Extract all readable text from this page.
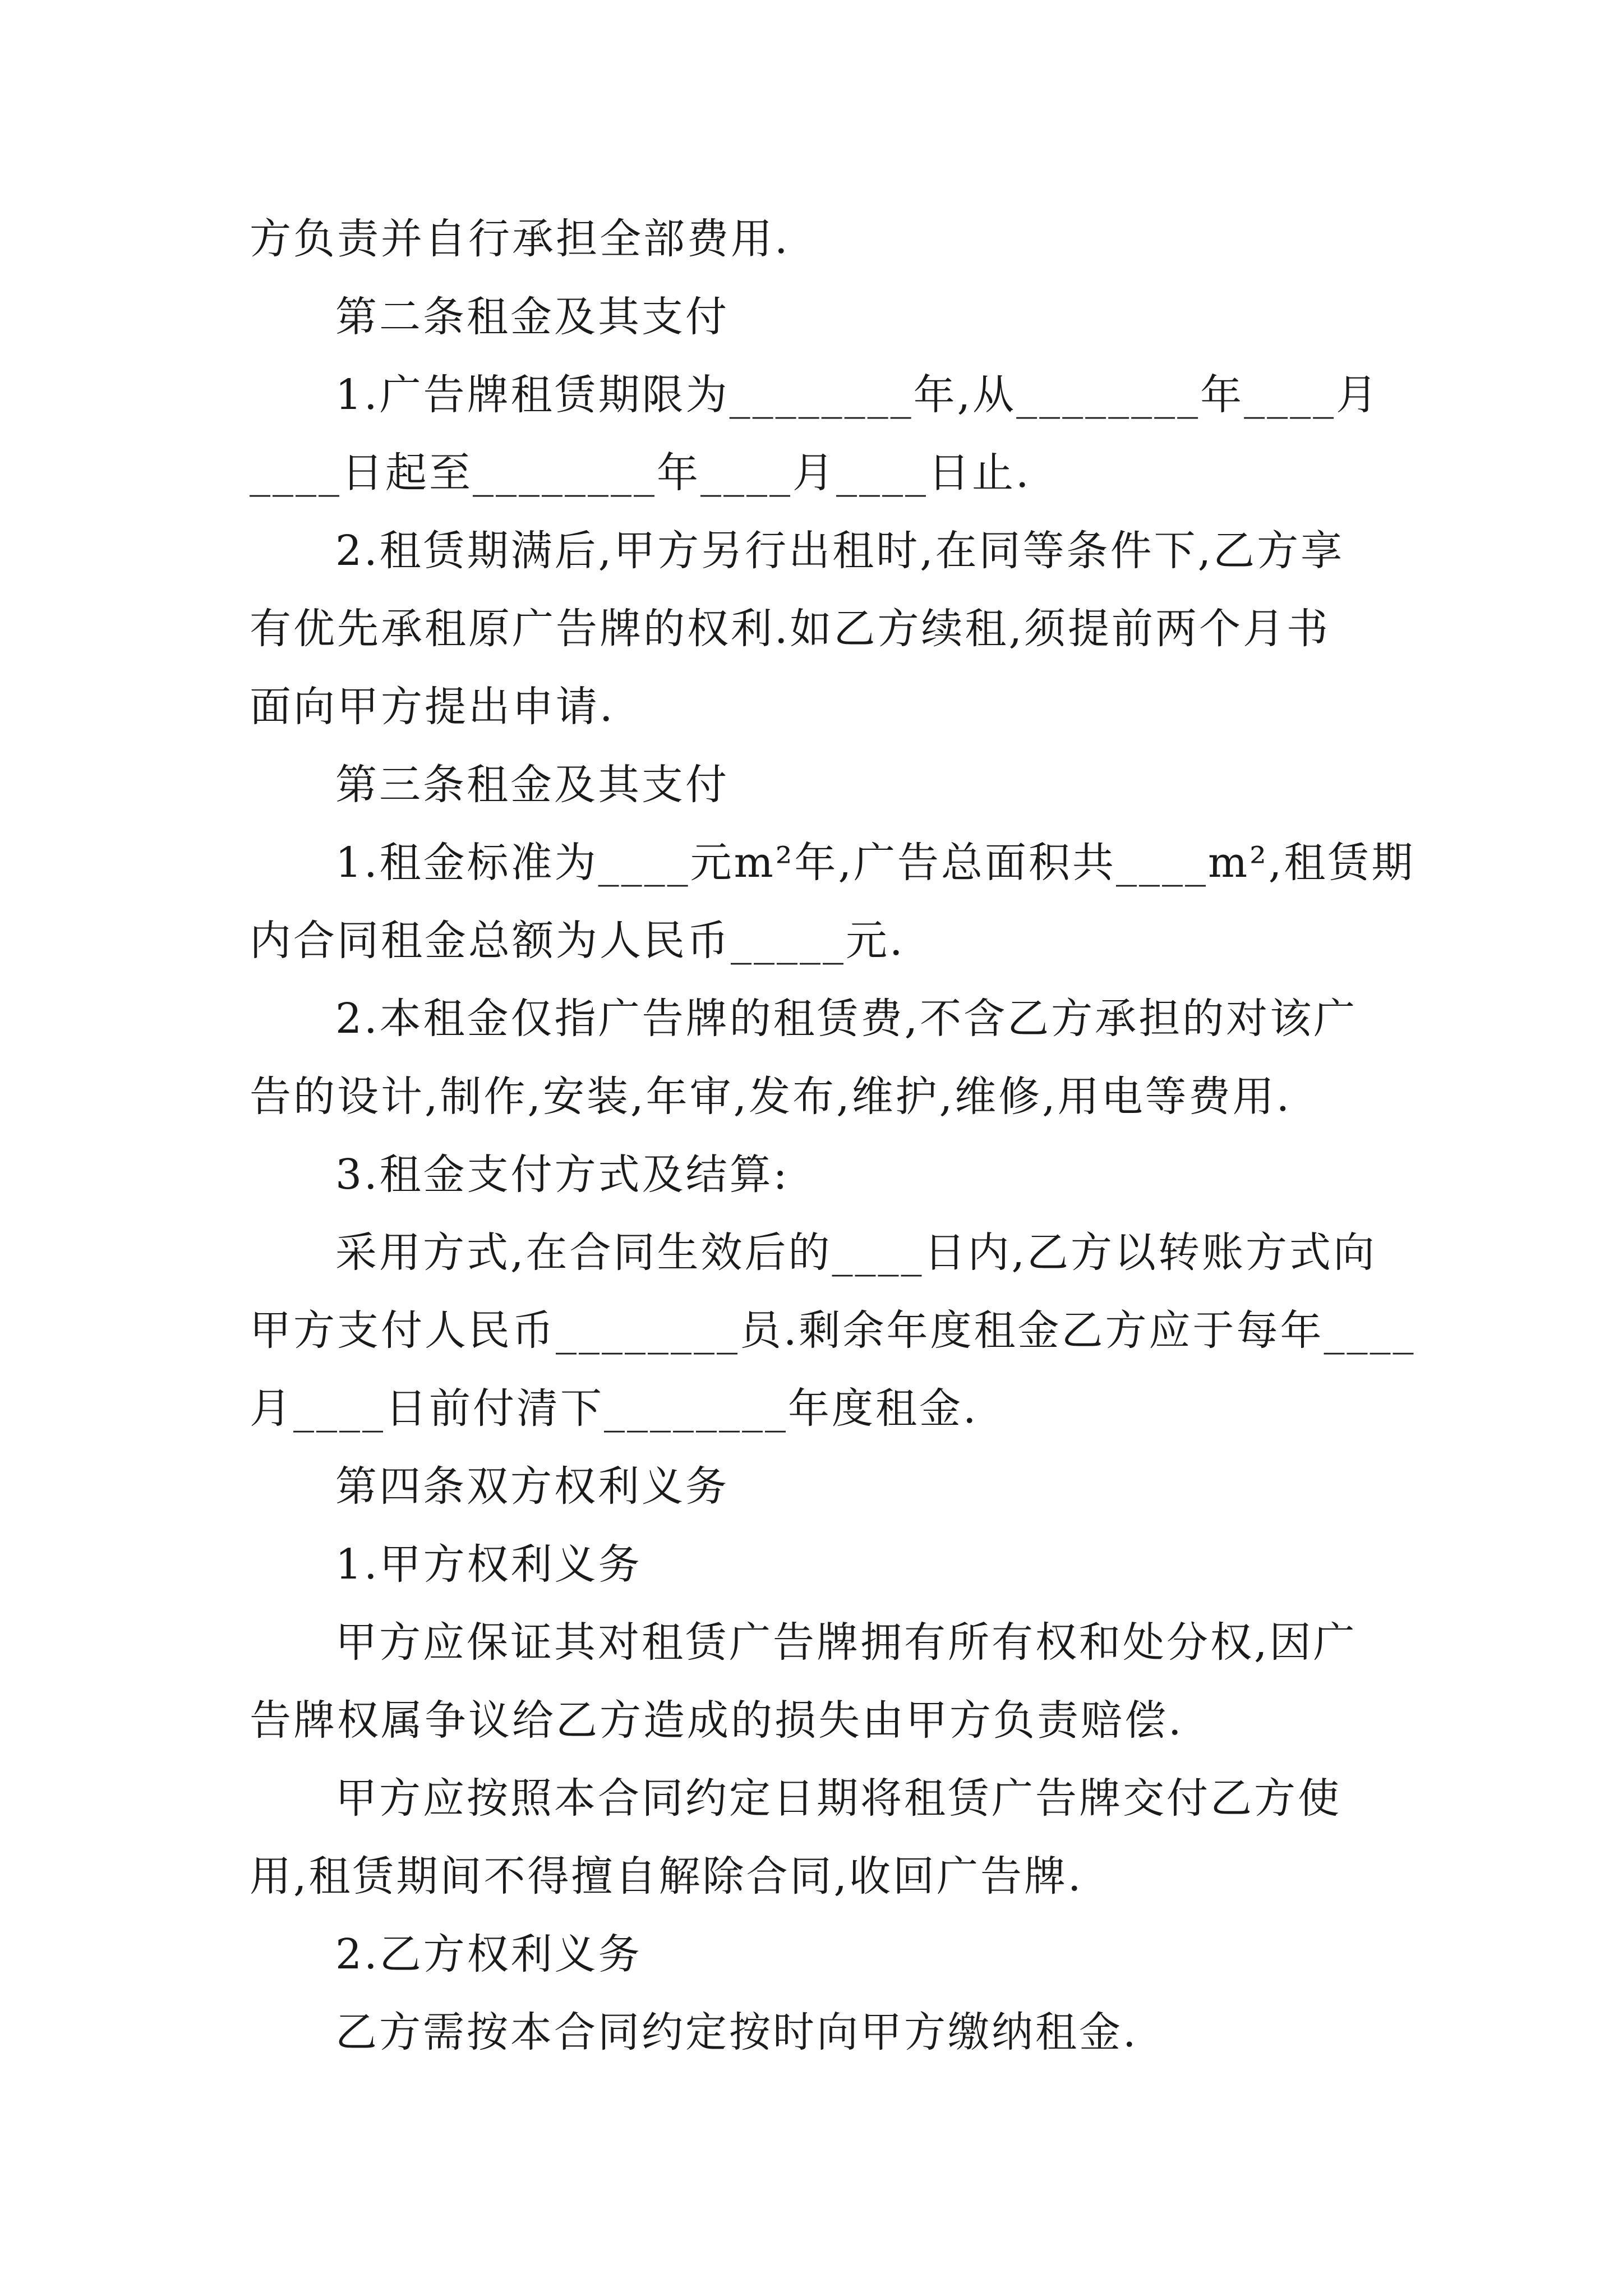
方负责并自行承担全部费用.
第二条租金及其支付
1.广告牌租赁期限为________年,从________年____月
____日起至________年____月____日止.
2.租赁期满后,甲方另行出租时,在同等条件下,乙方享
有优先承租原广告牌的权利.如乙方续租,须提前两个月书
面向甲方提出申请.
第三条租金及其支付
1.租金标准为____元m²年,广告总面积共____m²,租赁期
内合同租金总额为人民币_____元.
2.本租金仅指广告牌的租赁费,不含乙方承担的对该广
告的设计,制作,安装,年审,发布,维护,维修,用电等费用.
3.租金支付方式及结算:
采用方式,在合同生效后的____日内,乙方以转账方式向
甲方支付人民币________员.剩余年度租金乙方应于每年____
月____日前付清下________年度租金.
第四条双方权利义务
1.甲方权利义务
甲方应保证其对租赁广告牌拥有所有权和处分权,因广
告牌权属争议给乙方造成的损失由甲方负责赔偿.
甲方应按照本合同约定日期将租赁广告牌交付乙方使
用,租赁期间不得擅自解除合同,收回广告牌.
2.乙方权利义务
乙方需按本合同约定按时向甲方缴纳租金.
